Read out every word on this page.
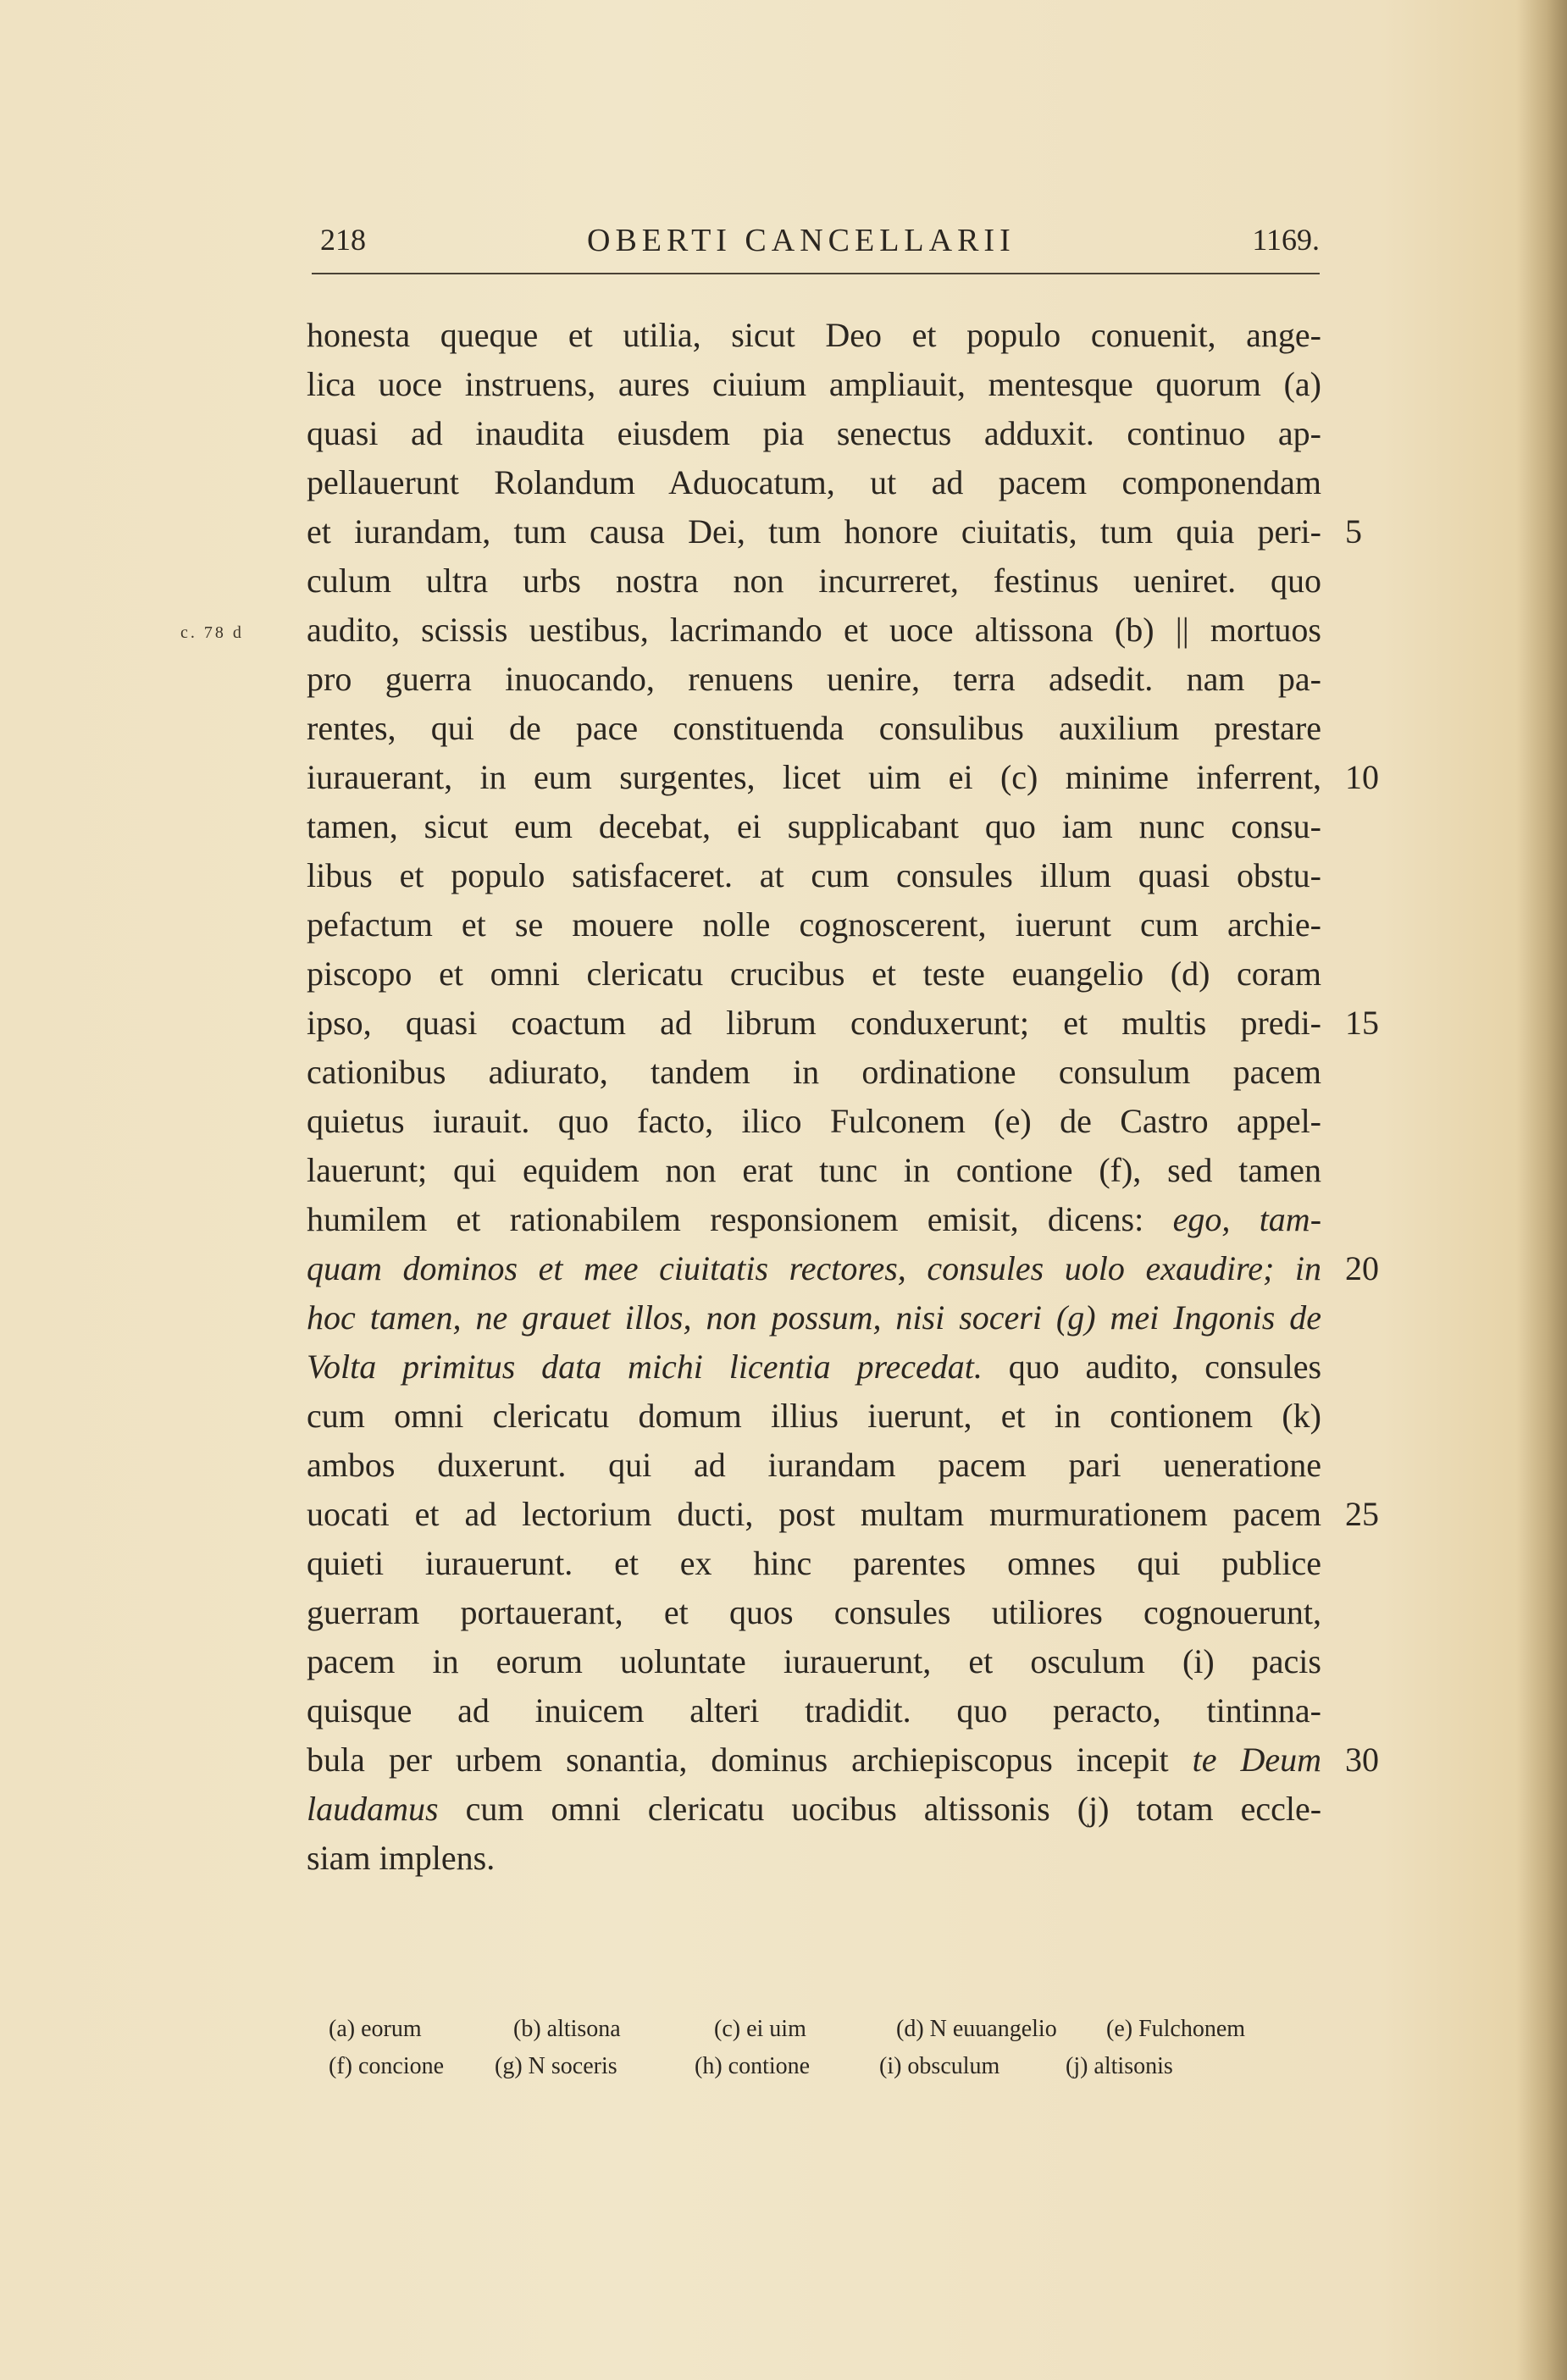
218	OBERTI CANCELLARII	1169.
c. 78 d
honesta queque et utilia, sicut Deo et populo conuenit, ange-
lica uoce instruens, aures ciuium ampliauit, mentesque quorum (a)
quasi ad inaudita eiusdem pia senectus adduxit. continuo ap-
pellauerunt Rolandum Aduocatum, ut ad pacem componendam
et iurandam, tum causa Dei, tum honore ciuitatis, tum quia peri-
culum ultra urbs nostra non incurreret, festinus ueniret. quo
audito, scissis uestibus, lacrimando et uoce altissona (b) || mortuos
pro guerra inuocando, renuens uenire, terra adsedit. nam pa-
rentes, qui de pace constituenda consulibus auxilium prestare
iurauerant, in eum surgentes, licet uim ei (c) minime inferrent,
tamen, sicut eum decebat, ei supplicabant quo iam nunc consu-
libus et populo satisfaceret. at cum consules illum quasi obstu-
pefactum et se mouere nolle cognoscerent, iuerunt cum archie-
piscopo et omni clericatu crucibus et teste euangelio (d) coram
ipso, quasi coactum ad librum conduxerunt; et multis predi-
cationibus adiurato, tandem in ordinatione consulum pacem
quietus iurauit. quo facto, ilico Fulconem (e) de Castro appel-
lauerunt; qui equidem non erat tunc in contione (f), sed tamen
humilem et rationabilem responsionem emisit, dicens: ego, tam-
quam dominos et mee ciuitatis rectores, consules uolo exaudire; in
hoc tamen, ne grauet illos, non possum, nisi soceri (g) mei Ingonis de
Volta primitus data michi licentia precedat. quo audito, consules
cum omni clericatu domum illius iuerunt, et in contionem (k)
ambos duxerunt. qui ad iurandam pacem pari ueneratione
uocati et ad lectorium ducti, post multam murmurationem pacem
quieti iurauerunt. et ex hinc parentes omnes qui publice
guerram portauerant, et quos consules utiliores cognouerunt,
pacem in eorum uoluntate iurauerunt, et osculum (i) pacis
quisque ad inuicem alteri tradidit. quo peracto, tintinna-
bula per urbem sonantia, dominus archiepiscopus incepit te Deum
laudamus cum omni clericatu uocibus altissonis (j) totam eccle-
siam implens.
5
10
15
20
25
30
(a) eorum	(b) altisona	(c) ei uim	(d) N euuangelio (e) Fulchonem
(f) concione (g) N soceris	(h) contione	(i) obsculum	(j) altisonis
